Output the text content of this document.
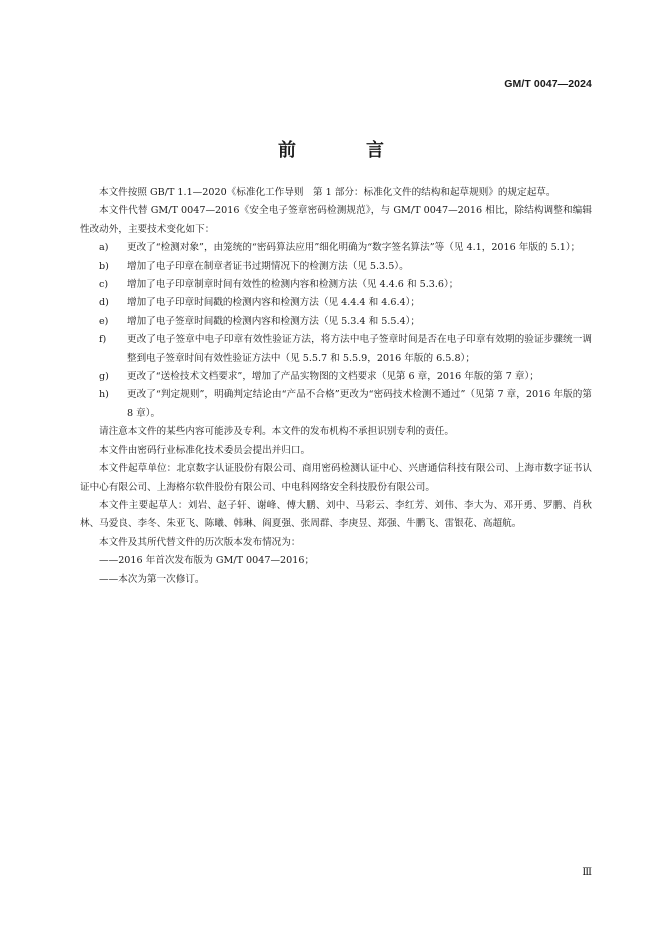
GM/T 0047—2024
前　言

本文件按照 GB/T 1.1—2020《标准化工作导则　第 1 部分：标准化文件的结构和起草规则》的规定起草。

本文件代替 GM/T 0047—2016《安全电子签章密码检测规范》，与 GM/T 0047—2016 相比，除结构调整和编辑性改动外，主要技术变化如下：

a)	更改了“检测对象”，由笼统的“密码算法应用”细化明确为“数字签名算法”等（见 4.1，2016 年版的 5.1）；
b)	增加了电子印章在制章者证书过期情况下的检测方法（见 5.3.5）。
c)	增加了电子印章制章时间有效性的检测内容和检测方法（见 4.4.6 和 5.3.6）；
d)	增加了电子印章时间戳的检测内容和检测方法（见 4.4.4 和 4.6.4）；
e)	增加了电子签章时间戳的检测内容和检测方法（见 5.3.4 和 5.5.4）；
f)	更改了电子签章中电子印章有效性验证方法，将方法中电子签章时间是否在电子印章有效期的验证步骤统一调整到电子签章时间有效性验证方法中（见 5.5.7 和 5.5.9，2016 年版的 6.5.8）；
g)	更改了“送检技术文档要求”，增加了产品实物图的文档要求（见第 6 章，2016 年版的第 7 章）；
h)	更改了“判定规则”，明确判定结论由“产品不合格”更改为“密码技术检测不通过”（见第 7 章，2016 年版的第 8 章）。

请注意本文件的某些内容可能涉及专利。本文件的发布机构不承担识别专利的责任。

本文件由密码行业标准化技术委员会提出并归口。

本文件起草单位：北京数字认证股份有限公司、商用密码检测认证中心、兴唐通信科技有限公司、上海市数字证书认证中心有限公司、上海格尔软件股份有限公司、中电科网络安全科技股份有限公司。

本文件主要起草人：刘岩、赵子轩、谢峰、傅大鹏、刘中、马彩云、李红芳、刘伟、李大为、邓开勇、罗鹏、肖秋林、马爱良、李冬、朱亚飞、陈曦、韩琳、阎夏强、张周群、李庚昱、郑强、牛鹏飞、雷银花、高超航。

本文件及其所代替文件的历次版本发布情况为：

——2016 年首次发布版为 GM/T 0047—2016；

——本次为第一次修订。

Ⅲ
